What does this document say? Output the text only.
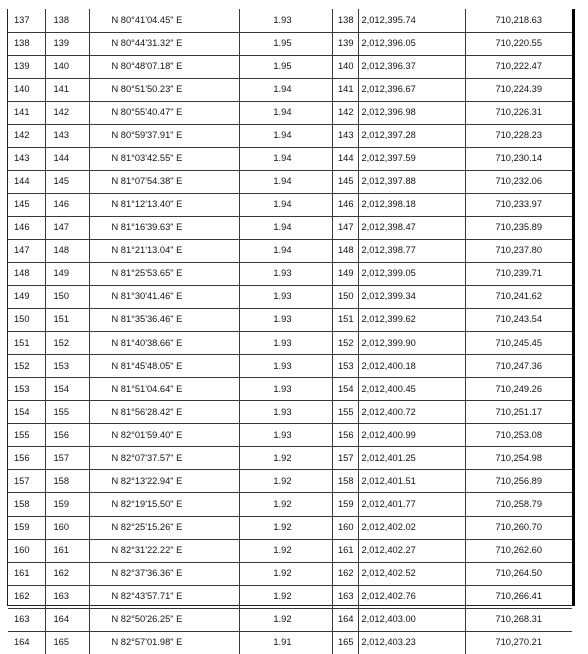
137	138	N 80°41'04.45" E	1.93	138	2,012,395.74	710,218.63
138	139	N 80°44'31.32" E	1.95	139	2,012,396.05	710,220.55
139	140	N 80°48'07.18" E	1.95	140	2,012,396.37	710,222.47
140	141	N 80°51'50.23" E	1.94	141	2,012,396.67	710,224.39
141	142	N 80°55'40.47" E	1.94	142	2,012,396.98	710,226.31
142	143	N 80°59'37.91" E	1.94	143	2,012,397.28	710,228.23
143	144	N 81°03'42.55" E	1.94	144	2,012,397.59	710,230.14
144	145	N 81°07'54.38" E	1.94	145	2,012,397.88	710,232.06
145	146	N 81°12'13.40" E	1.94	146	2,012,398.18	710,233.97
146	147	N 81°16'39.63" E	1.94	147	2,012,398.47	710,235.89
147	148	N 81°21'13.04" E	1.94	148	2,012,398.77	710,237.80
148	149	N 81°25'53.65" E	1.93	149	2,012,399.05	710,239.71
149	150	N 81°30'41.46" E	1.93	150	2,012,399.34	710,241.62
150	151	N 81°35'36.46" E	1.93	151	2,012,399.62	710,243.54
151	152	N 81°40'38.66" E	1.93	152	2,012,399.90	710,245.45
152	153	N 81°45'48.05" E	1.93	153	2,012,400.18	710,247.36
153	154	N 81°51'04.64" E	1.93	154	2,012,400.45	710,249.26
154	155	N 81°56'28.42" E	1.93	155	2,012,400.72	710,251.17
155	156	N 82°01'59.40" E	1.93	156	2,012,400.99	710,253.08
156	157	N 82°07'37.57" E	1.92	157	2,012,401.25	710,254.98
157	158	N 82°13'22.94" E	1.92	158	2,012,401.51	710,256.89
158	159	N 82°19'15.50" E	1.92	159	2,012,401.77	710,258.79
159	160	N 82°25'15.26" E	1.92	160	2,012,402.02	710,260.70
160	161	N 82°31'22.22" E	1.92	161	2,012,402.27	710,262.60
161	162	N 82°37'36.36" E	1.92	162	2,012,402.52	710,264.50
162	163	N 82°43'57.71" E	1.92	163	2,012,402.76	710,266.41
163	164	N 82°50'26.25" E	1.92	164	2,012,403.00	710,268.31
164	165	N 82°57'01.98" E	1.91	165	2,012,403.23	710,270.21
